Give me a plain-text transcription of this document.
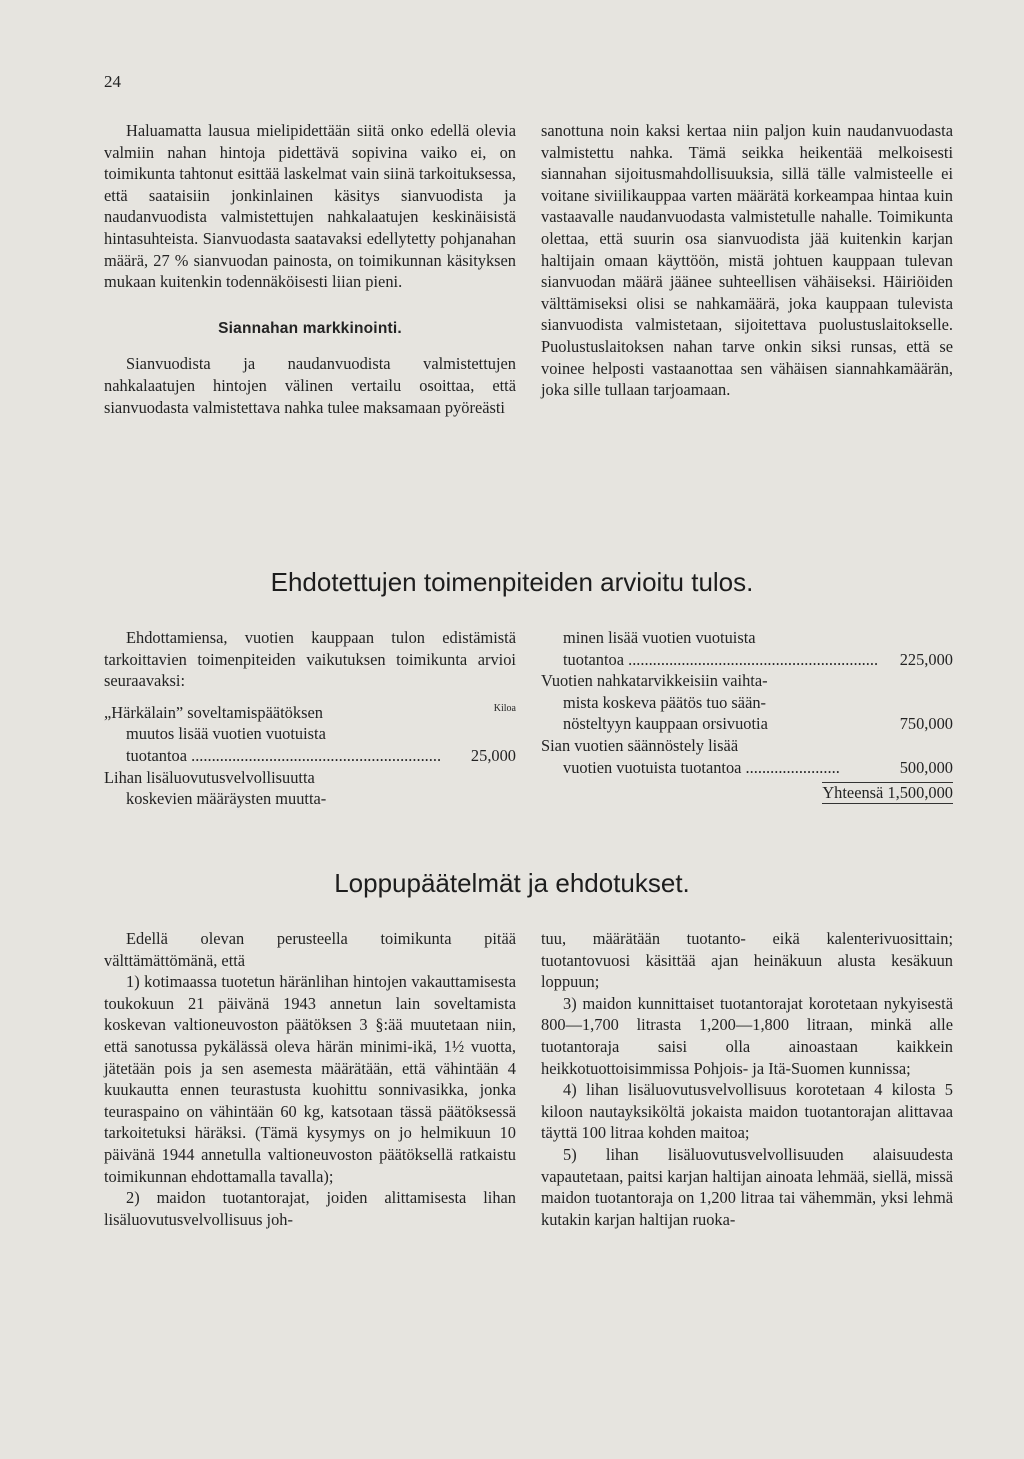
24

Haluamatta lausua mielipidettään siitä onko edellä olevia valmiin nahan hintoja pidettävä sopivina vaiko ei, on toimikunta tahtonut esittää laskelmat vain siinä tarkoituksessa, että saataisiin jonkinlainen käsitys sianvuodista ja naudanvuodista valmistettujen nahkalaatujen keskinäisistä hintasuhteista. Sianvuodasta saatavaksi edellytetty pohjanahan määrä, 27 % sianvuodan painosta, on toimikunnan käsityksen mukaan kuitenkin todennäköisesti liian pieni.

Siannahan markkinointi.

Sianvuodista ja naudanvuodista valmistettujen nahkalaatujen hintojen välinen vertailu osoittaa, että sianvuodasta valmistettava nahka tulee maksamaan pyöreästi

sanottuna noin kaksi kertaa niin paljon kuin naudanvuodasta valmistettu nahka. Tämä seikka heikentää melkoisesti siannahan sijoitusmahdollisuuksia, sillä tälle valmisteelle ei voitane siviilikauppaa varten määrätä korkeampaa hintaa kuin vastaavalle naudanvuodasta valmistetulle nahalle. Toimikunta olettaa, että suurin osa sianvuodista jää kuitenkin karjan haltijain omaan käyttöön, mistä johtuen kauppaan tulevan sianvuodan määrä jäänee suhteellisen vähäiseksi. Häiriöiden välttämiseksi olisi se nahkamäärä, joka kauppaan tulevista sianvuodista valmistetaan, sijoitettava puolustuslaitokselle. Puolustuslaitoksen nahan tarve onkin siksi runsas, että se voinee helposti vastaanottaa sen vähäisen siannahkamäärän, joka sille tullaan tarjoamaan.

Ehdotettujen toimenpiteiden arvioitu tulos.

Ehdottamiensa, vuotien kauppaan tulon edistämistä tarkoittavien toimenpiteiden vaikutuksen toimikunta arvioi seuraavaksi:

Kiloa
„Härkälain” soveltamispäätöksen
muutos lisää vuotien vuotuista
tuotantoa .............................................................	25,000
Lihan lisäluovutusvelvollisuutta
koskevien määräysten muutta-
minen lisää vuotien vuotuista
tuotantoa .............................................................	225,000
Vuotien nahkatarvikkeisiin vaihta-
mista koskeva päätös tuo sään-
nösteltyyn kauppaan orsivuotia	750,000
Sian vuotien säännöstely lisää
vuotien vuotuista tuotantoa .......................	500,000
Yhteensä 1,500,000
Loppupäätelmät ja ehdotukset.

Edellä olevan perusteella toimikunta pitää välttämättömänä, että

1) kotimaassa tuotetun häränlihan hintojen vakauttamisesta toukokuun 21 päivänä 1943 annetun lain soveltamista koskevan valtioneuvoston päätöksen 3 §:ää muutetaan niin, että sanotussa pykälässä oleva härän minimi-ikä, 1½ vuotta, jätetään pois ja sen asemesta määrätään, että vähintään 4 kuukautta ennen teurastusta kuohittu sonnivasikka, jonka teuraspaino on vähintään 60 kg, katsotaan tässä päätöksessä tarkoitetuksi häräksi. (Tämä kysymys on jo helmikuun 10 päivänä 1944 annetulla valtioneuvoston päätöksellä ratkaistu toimikunnan ehdottamalla tavalla);

2) maidon tuotantorajat, joiden alittamisesta lihan lisäluovutusvelvollisuus joh-

tuu, määrätään tuotanto- eikä kalenterivuosittain; tuotantovuosi käsittää ajan heinäkuun alusta kesäkuun loppuun;

3) maidon kunnittaiset tuotantorajat korotetaan nykyisestä 800—1,700 litrasta 1,200—1,800 litraan, minkä alle tuotantoraja saisi olla ainoastaan kaikkein heikkotuottoisimmissa Pohjois- ja Itä-Suomen kunnissa;

4) lihan lisäluovutusvelvollisuus korotetaan 4 kilosta 5 kiloon nautayksiköltä jokaista maidon tuotantorajan alittavaa täyttä 100 litraa kohden maitoa;

5) lihan lisäluovutusvelvollisuuden alaisuudesta vapautetaan, paitsi karjan haltijan ainoata lehmää, siellä, missä maidon tuotantoraja on 1,200 litraa tai vähemmän, yksi lehmä kutakin karjan haltijan ruoka-
